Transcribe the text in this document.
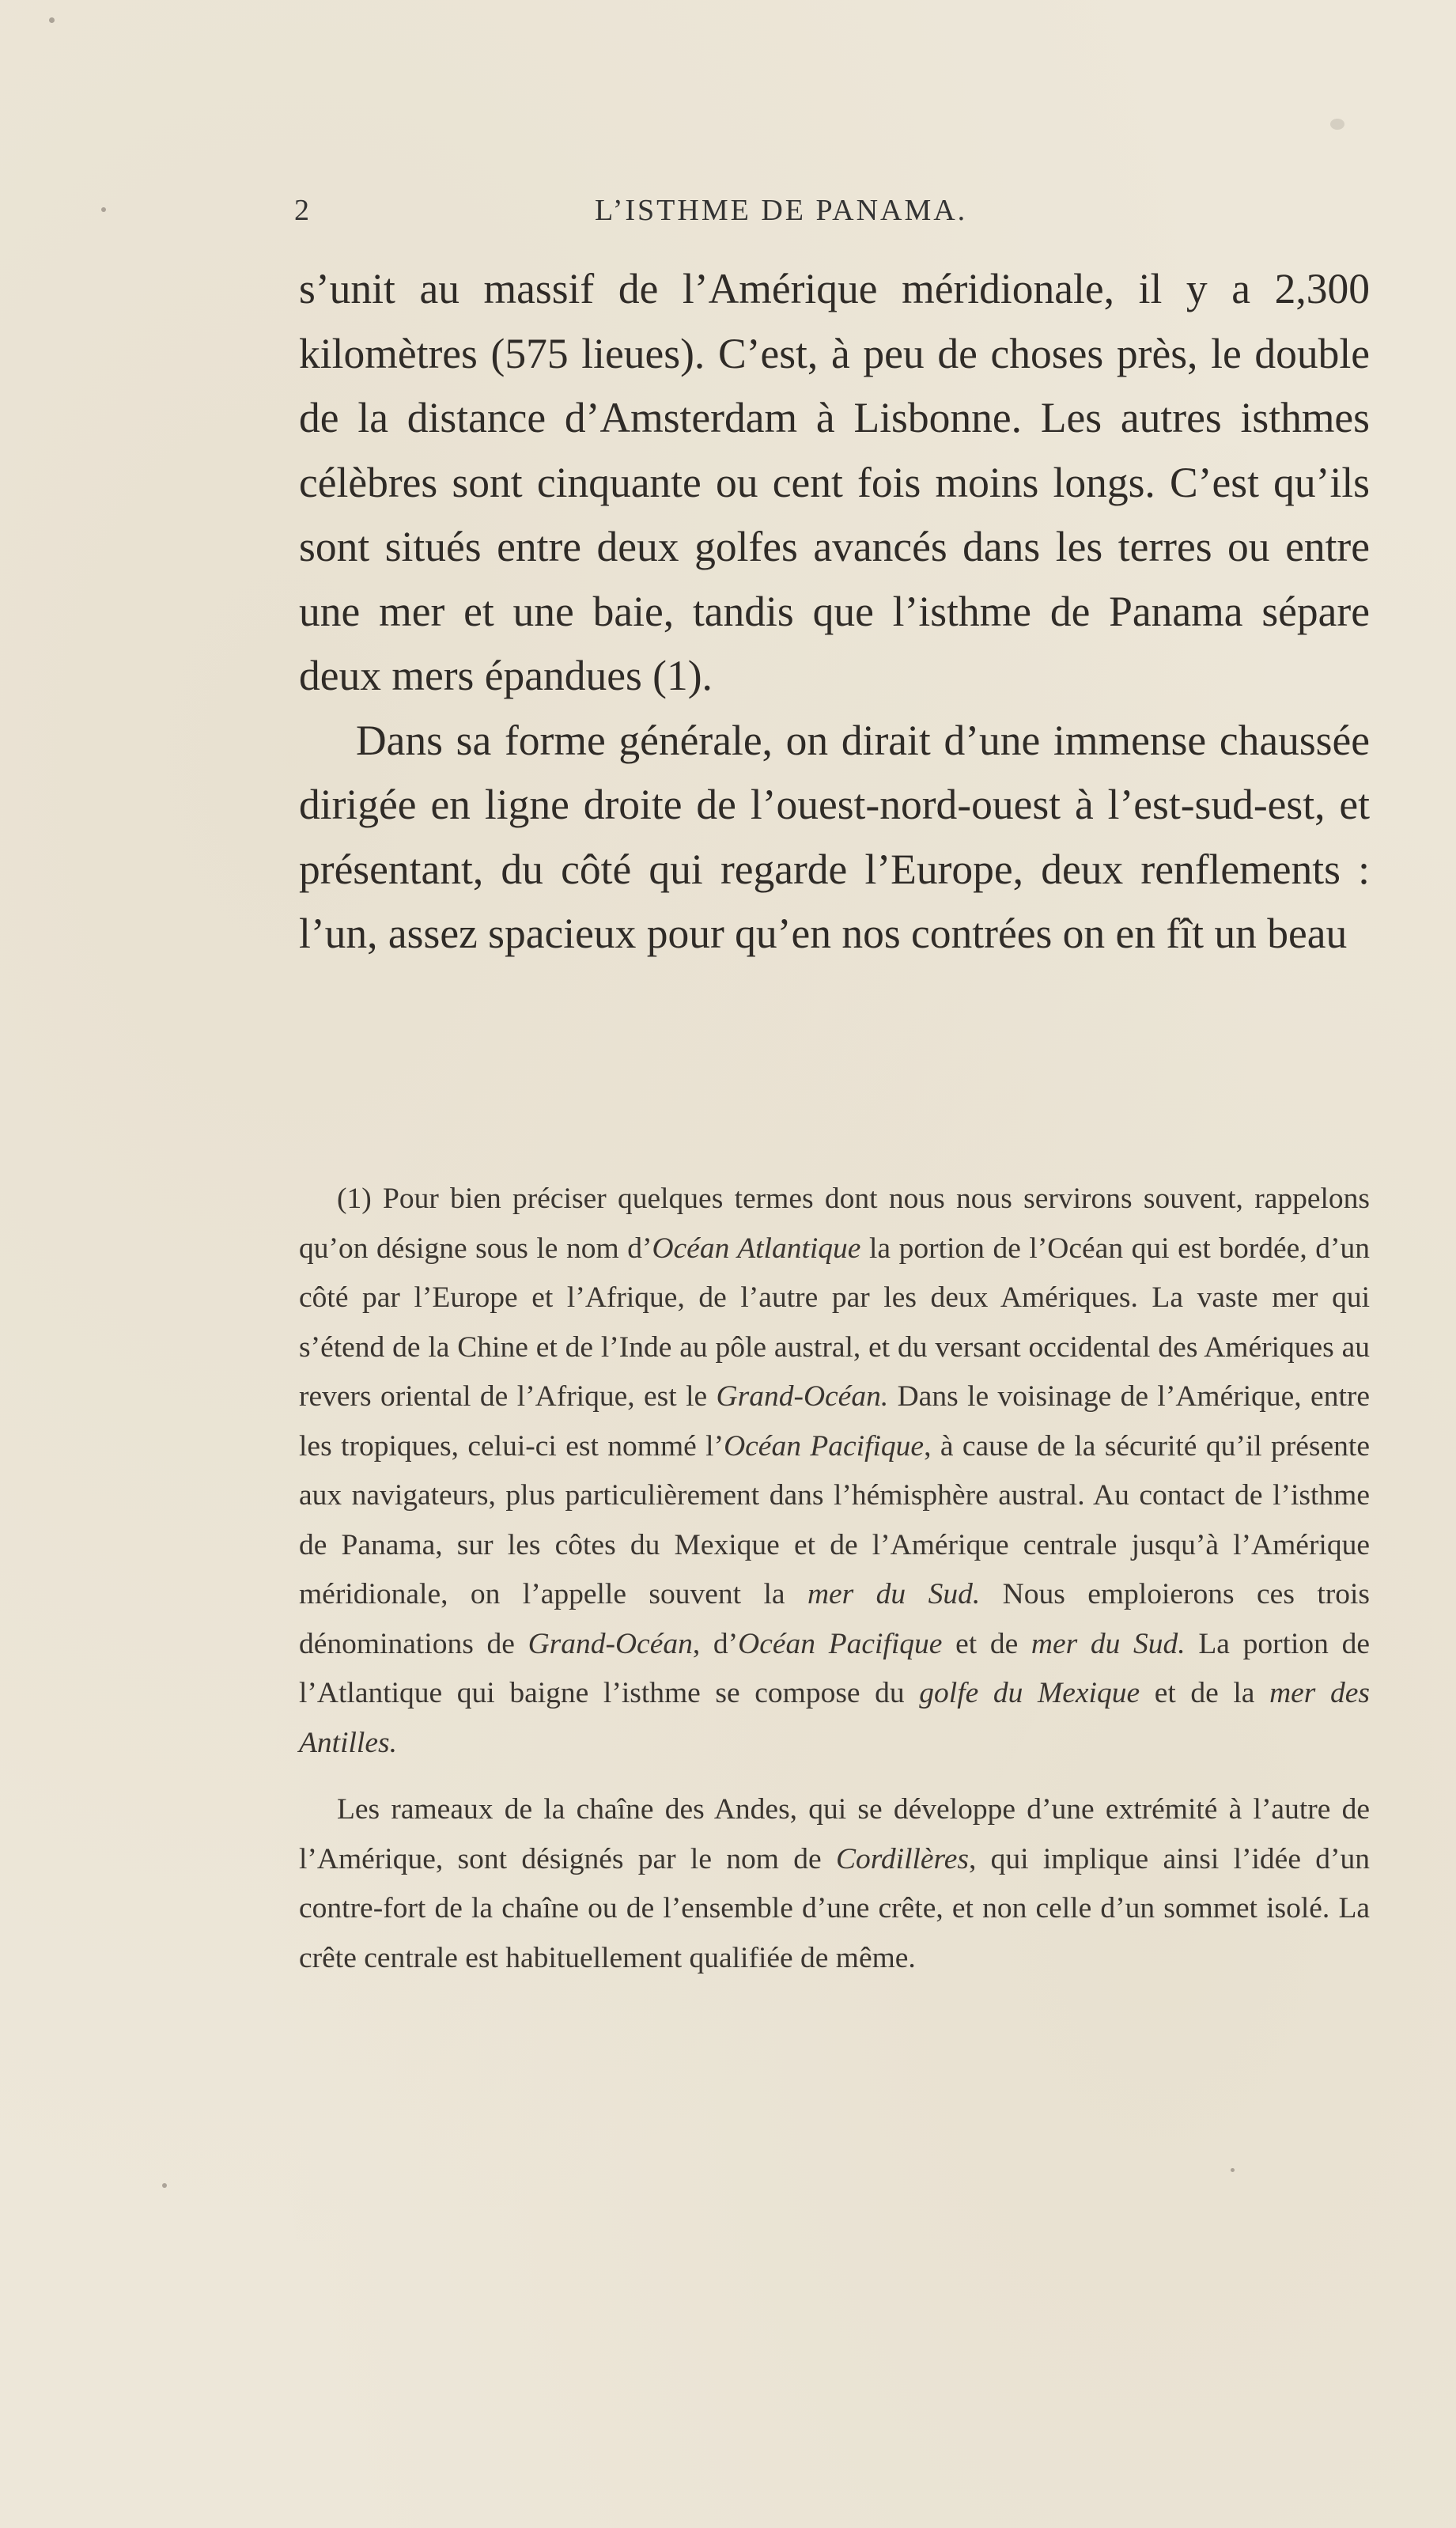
2	L’ISTHME DE PANAMA.

s’unit au massif de l’Amérique méridionale, il y a 2,300 kilomètres (575 lieues). C’est, à peu de choses près, le double de la distance d’Amsterdam à Lisbonne. Les autres isthmes célèbres sont cinquante ou cent fois moins longs. C’est qu’ils sont situés entre deux golfes avancés dans les terres ou entre une mer et une baie, tandis que l’isthme de Panama sépare deux mers épandues (1).

Dans sa forme générale, on dirait d’une immense chaussée dirigée en ligne droite de l’ouest-nord-ouest à l’est-sud-est, et présentant, du côté qui regarde l’Europe, deux renflements : l’un, assez spacieux pour qu’en nos contrées on en fît un beau

(1) Pour bien préciser quelques termes dont nous nous servirons souvent, rappelons qu’on désigne sous le nom d’Océan Atlantique la portion de l’Océan qui est bordée, d’un côté par l’Europe et l’Afrique, de l’autre par les deux Amériques. La vaste mer qui s’étend de la Chine et de l’Inde au pôle austral, et du versant occidental des Amériques au revers oriental de l’Afrique, est le Grand-Océan. Dans le voisinage de l’Amérique, entre les tropiques, celui-ci est nommé l’Océan Pacifique, à cause de la sécurité qu’il présente aux navigateurs, plus particulièrement dans l’hémisphère austral. Au contact de l’isthme de Panama, sur les côtes du Mexique et de l’Amérique centrale jusqu’à l’Amérique méridionale, on l’appelle souvent la mer du Sud. Nous emploierons ces trois dénominations de Grand-Océan, d’Océan Pacifique et de mer du Sud. La portion de l’Atlantique qui baigne l’isthme se compose du golfe du Mexique et de la mer des Antilles.

Les rameaux de la chaîne des Andes, qui se développe d’une extrémité à l’autre de l’Amérique, sont désignés par le nom de Cordillères, qui implique ainsi l’idée d’un contre-fort de la chaîne ou de l’ensemble d’une crête, et non celle d’un sommet isolé. La crête centrale est habituellement qualifiée de même.
